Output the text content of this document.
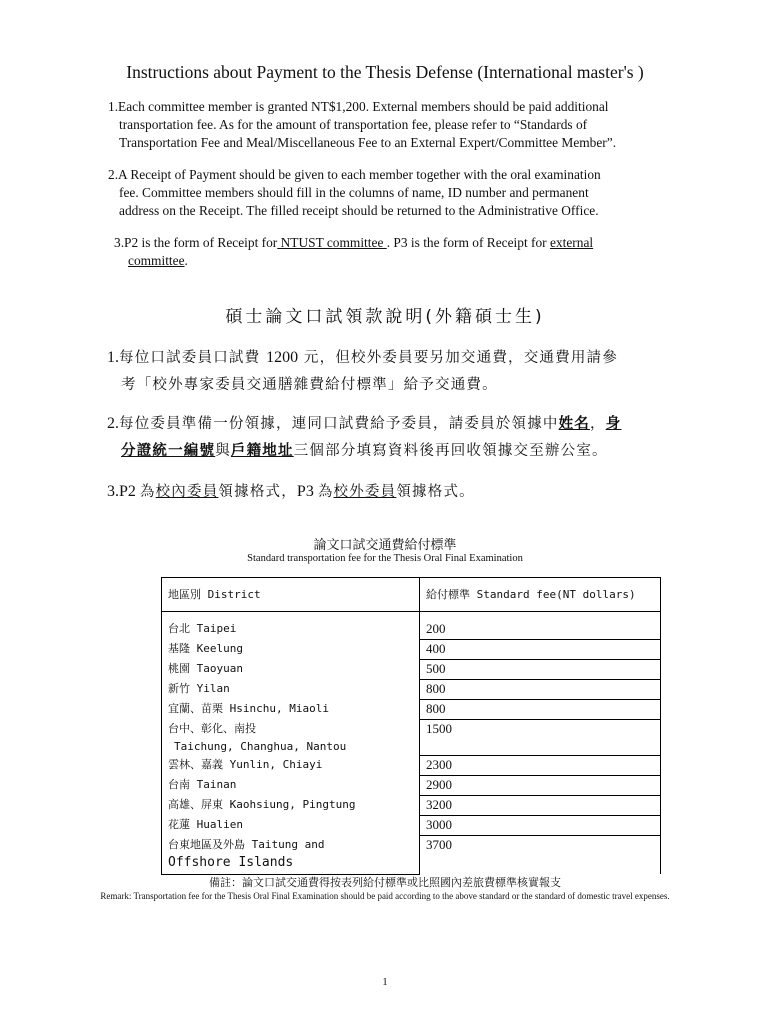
Instructions about Payment to the Thesis Defense (International master's )
1.Each committee member is granted NT$1,200. External members should be paid additional
transportation fee. As for the amount of transportation fee, please refer to “Standards of
Transportation Fee and Meal/Miscellaneous Fee to an External Expert/Committee Member”.
2.A Receipt of Payment should be given to each member together with the oral examination
fee. Committee members should fill in the columns of name, ID number and permanent
address on the Receipt. The filled receipt should be returned to the Administrative Office.
3.P2 is the form of Receipt for NTUST committee . P3 is the form of Receipt for external
committee.
碩士論文口試領款說明(外籍碩士生)
1.每位口試委員口試費 1200 元，但校外委員要另加交通費，交通費用請參
考「校外專家委員交通膳雜費給付標準」給予交通費。
2.每位委員準備一份領據，連同口試費給予委員，請委員於領據中姓名，身
分證統一編號與戶籍地址三個部分填寫資料後再回收領據交至辦公室。
3.P2 為校內委員領據格式，P3 為校外委員領據格式。
論文口試交通費給付標準
Standard transportation fee for the Thesis Oral Final Examination
地區別 District	給付標準 Standard fee(NT dollars)

台北 Taipei	200
基隆 Keelung	400
桃園 Taoyuan	500
新竹 Yilan	800
宜蘭、苗栗 Hsinchu, Miaoli	800

台中、彰化、南投
Taichung, Changhua, Nantou	1500
雲林、嘉義 Yunlin, Chiayi	2300
台南 Tainan	2900
高雄、屏東 Kaohsiung, Pingtung	3200
花蓮 Hualien	3000

台東地區及外島 Taitung and
Offshore Islands	3700
備註：論文口試交通費得按表列給付標準或比照國內差旅費標準核實報支
Remark: Transportation fee for the Thesis Oral Final Examination should be paid according to the above standard or the standard of domestic travel expenses.
1
